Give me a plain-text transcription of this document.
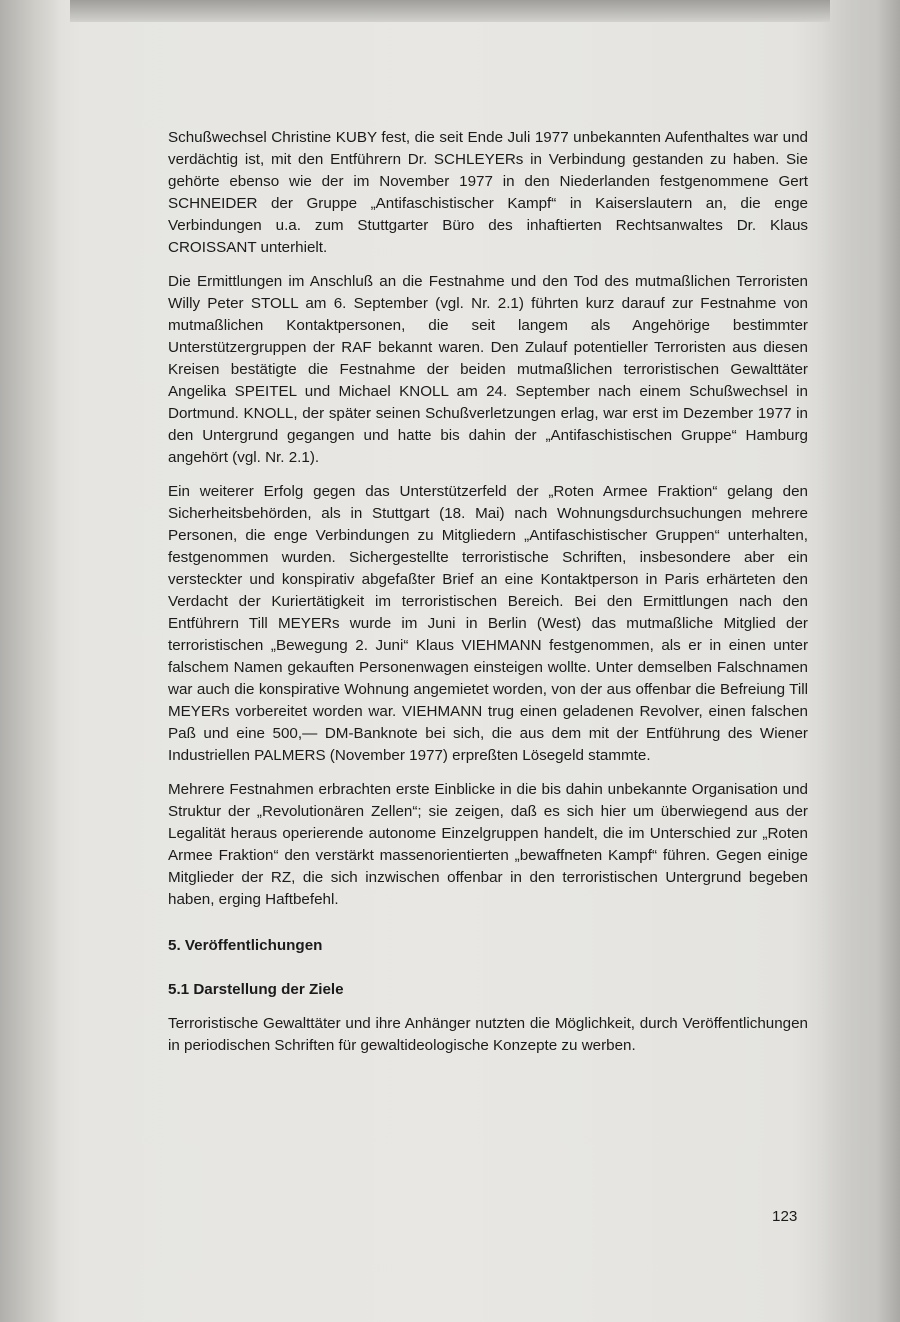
Schußwechsel Christine KUBY fest, die seit Ende Juli 1977 unbekannten Aufenthaltes war und verdächtig ist, mit den Entführern Dr. SCHLEYERs in Verbindung gestanden zu haben. Sie gehörte ebenso wie der im November 1977 in den Niederlanden festgenommene Gert SCHNEIDER der Gruppe „Antifaschistischer Kampf“ in Kaiserslautern an, die enge Verbindungen u.a. zum Stuttgarter Büro des inhaftierten Rechtsanwaltes Dr. Klaus CROISSANT unterhielt.

Die Ermittlungen im Anschluß an die Festnahme und den Tod des mutmaßlichen Terroristen Willy Peter STOLL am 6. September (vgl. Nr. 2.1) führten kurz darauf zur Festnahme von mutmaßlichen Kontaktpersonen, die seit langem als Angehörige bestimmter Unterstützergruppen der RAF bekannt waren. Den Zulauf potentieller Terroristen aus diesen Kreisen bestätigte die Festnahme der beiden mutmaßlichen terroristischen Gewalttäter Angelika SPEITEL und Michael KNOLL am 24. September nach einem Schußwechsel in Dortmund. KNOLL, der später seinen Schußverletzungen erlag, war erst im Dezember 1977 in den Untergrund gegangen und hatte bis dahin der „Antifaschistischen Gruppe“ Hamburg angehört (vgl. Nr. 2.1).

Ein weiterer Erfolg gegen das Unterstützerfeld der „Roten Armee Fraktion“ gelang den Sicherheitsbehörden, als in Stuttgart (18. Mai) nach Wohnungsdurchsuchungen mehrere Personen, die enge Verbindungen zu Mitgliedern „Antifaschistischer Gruppen“ unterhalten, festgenommen wurden. Sichergestellte terroristische Schriften, insbesondere aber ein versteckter und konspirativ abgefaßter Brief an eine Kontaktperson in Paris erhärteten den Verdacht der Kuriertätigkeit im terroristischen Bereich. Bei den Ermittlungen nach den Entführern Till MEYERs wurde im Juni in Berlin (West) das mutmaßliche Mitglied der terroristischen „Bewegung 2. Juni“ Klaus VIEHMANN festgenommen, als er in einen unter falschem Namen gekauften Personenwagen einsteigen wollte. Unter demselben Falschnamen war auch die konspirative Wohnung angemietet worden, von der aus offenbar die Befreiung Till MEYERs vorbereitet worden war. VIEHMANN trug einen geladenen Revolver, einen falschen Paß und eine 500,— DM-Banknote bei sich, die aus dem mit der Entführung des Wiener Industriellen PALMERS (November 1977) erpreßten Lösegeld stammte.

Mehrere Festnahmen erbrachten erste Einblicke in die bis dahin unbekannte Organisation und Struktur der „Revolutionären Zellen“; sie zeigen, daß es sich hier um überwiegend aus der Legalität heraus operierende autonome Einzelgruppen handelt, die im Unterschied zur „Roten Armee Fraktion“ den verstärkt massenorientierten „bewaffneten Kampf“ führen. Gegen einige Mitglieder der RZ, die sich inzwischen offenbar in den terroristischen Untergrund begeben haben, erging Haftbefehl.

5. Veröffentlichungen
5.1 Darstellung der Ziele

Terroristische Gewalttäter und ihre Anhänger nutzten die Möglichkeit, durch Veröffentlichungen in periodischen Schriften für gewaltideologische Konzepte zu werben.

123
